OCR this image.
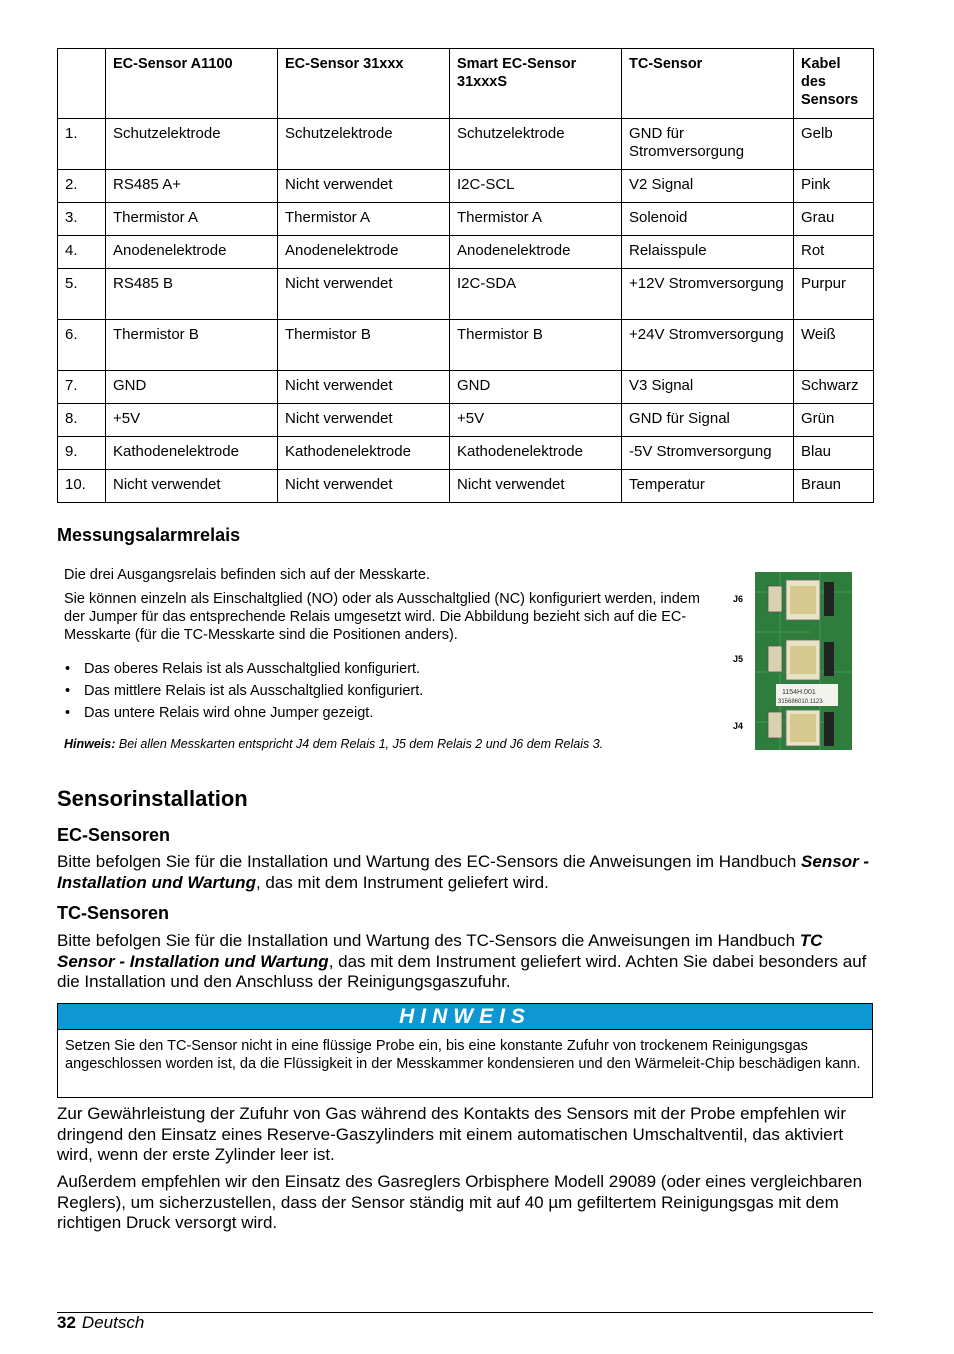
	EC-Sensor A1100	EC-Sensor 31xxx	Smart EC-Sensor 31xxxS	TC-Sensor	Kabel des Sensors
1.	Schutzelektrode	Schutzelektrode	Schutzelektrode	GND für Stromversorgung	Gelb
2.	RS485 A+	Nicht verwendet	I2C-SCL	V2 Signal	Pink
3.	Thermistor A	Thermistor A	Thermistor A	Solenoid	Grau
4.	Anodenelektrode	Anodenelektrode	Anodenelektrode	Relaisspule	Rot
5.	RS485 B	Nicht verwendet	I2C-SDA	+12V Stromversorgung	Purpur
6.	Thermistor B	Thermistor B	Thermistor B	+24V Stromversorgung	Weiß
7.	GND	Nicht verwendet	GND	V3 Signal	Schwarz
8.	+5V	Nicht verwendet	+5V	GND für Signal	Grün
9.	Kathodenelektrode	Kathodenelektrode	Kathodenelektrode	-5V Stromversorgung	Blau
10.	Nicht verwendet	Nicht verwendet	Nicht verwendet	Temperatur	Braun
Messungsalarmrelais

Die drei Ausgangsrelais befinden sich auf der Messkarte.

Sie können einzeln als Einschaltglied (NO) oder als Ausschaltglied (NC) konfiguriert werden, indem der Jumper für das entsprechende Relais umgesetzt wird. Die Abbildung bezieht sich auf die EC-Messkarte (für die TC-Messkarte sind die Positionen anders).

• Das oberes Relais ist als Ausschaltglied konfiguriert.
• Das mittlere Relais ist als Ausschaltglied konfiguriert.
• Das untere Relais wird ohne Jumper gezeigt.
Hinweis: Bei allen Messkarten entspricht J4 dem Relais 1, J5 dem Relais 2 und J6 dem Relais 3.
1154H.001
315686010.1123
J6
J5
J4
Sensorinstallation
EC-Sensoren
Bitte befolgen Sie für die Installation und Wartung des EC-Sensors die Anweisungen im Handbuch Sensor - Installation und Wartung, das mit dem Instrument geliefert wird.
TC-Sensoren
Bitte befolgen Sie für die Installation und Wartung des TC-Sensors die Anweisungen im Handbuch TC Sensor - Installation und Wartung, das mit dem Instrument geliefert wird. Achten Sie dabei besonders auf die Installation und den Anschluss der Reinigungsgaszufuhr.
HINWEIS
Setzen Sie den TC-Sensor nicht in eine flüssige Probe ein, bis eine konstante Zufuhr von trockenem Reinigungsgas angeschlossen worden ist, da die Flüssigkeit in der Messkammer kondensieren und den Wärmeleit-Chip beschädigen kann.
Zur Gewährleistung der Zufuhr von Gas während des Kontakts des Sensors mit der Probe empfehlen wir dringend den Einsatz eines Reserve-Gaszylinders mit einem automatischen Umschaltventil, das aktiviert wird, wenn der erste Zylinder leer ist.
Außerdem empfehlen wir den Einsatz des Gasreglers Orbisphere Modell 29089 (oder eines vergleichbaren Reglers), um sicherzustellen, dass der Sensor ständig mit auf 40 µm gefiltertem Reinigungsgas mit dem richtigen Druck versorgt wird.
32 Deutsch
